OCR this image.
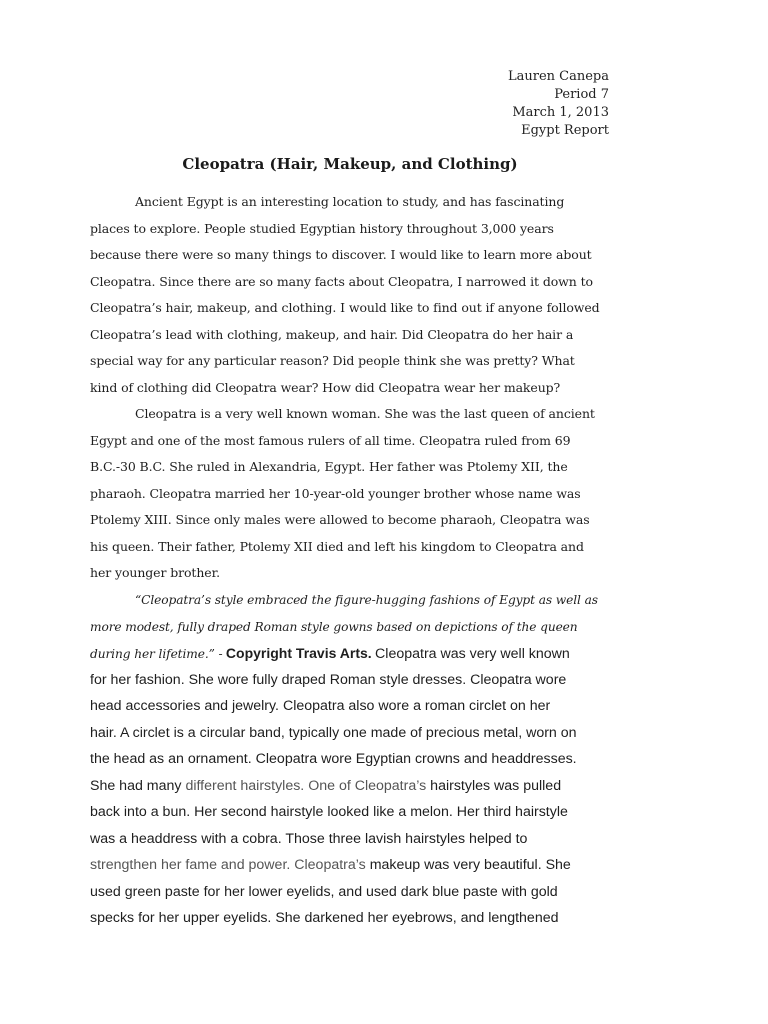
Lauren Canepa
Period 7
March 1, 2013
Egypt Report
Cleopatra (Hair, Makeup, and Clothing)
Ancient Egypt is an interesting location to study, and has fascinating
places to explore. People studied Egyptian history throughout 3,000 years
because there were so many things to discover. I would like to learn more about
Cleopatra. Since there are so many facts about Cleopatra, I narrowed it down to
Cleopatra’s hair, makeup, and clothing. I would like to find out if anyone followed
Cleopatra’s lead with clothing, makeup, and hair. Did Cleopatra do her hair a
special way for any particular reason? Did people think she was pretty? What
kind of clothing did Cleopatra wear? How did Cleopatra wear her makeup?
Cleopatra is a very well known woman. She was the last queen of ancient
Egypt and one of the most famous rulers of all time. Cleopatra ruled from 69
B.C.-30 B.C. She ruled in Alexandria, Egypt. Her father was Ptolemy XII, the
pharaoh. Cleopatra married her 10-year-old younger brother whose name was
Ptolemy XIII. Since only males were allowed to become pharaoh, Cleopatra was
his queen. Their father, Ptolemy XII died and left his kingdom to Cleopatra and
her younger brother.
“Cleopatra’s style embraced the figure-hugging fashions of Egypt as well as
more modest, fully draped Roman style gowns based on depictions of the queen
during her lifetime.” - Copyright Travis Arts. Cleopatra was very well known
for her fashion. She wore fully draped Roman style dresses. Cleopatra wore
head accessories and jewelry. Cleopatra also wore a roman circlet on her
hair. A circlet is a circular band, typically one made of precious metal, worn on
the head as an ornament. Cleopatra wore Egyptian crowns and headdresses.
She had many different hairstyles. One of Cleopatra’s hairstyles was pulled
back into a bun. Her second hairstyle looked like a melon. Her third hairstyle
was a headdress with a cobra. Those three lavish hairstyles helped to
strengthen her fame and power. Cleopatra’s makeup was very beautiful. She
used green paste for her lower eyelids, and used dark blue paste with gold
specks for her upper eyelids. She darkened her eyebrows, and lengthened
